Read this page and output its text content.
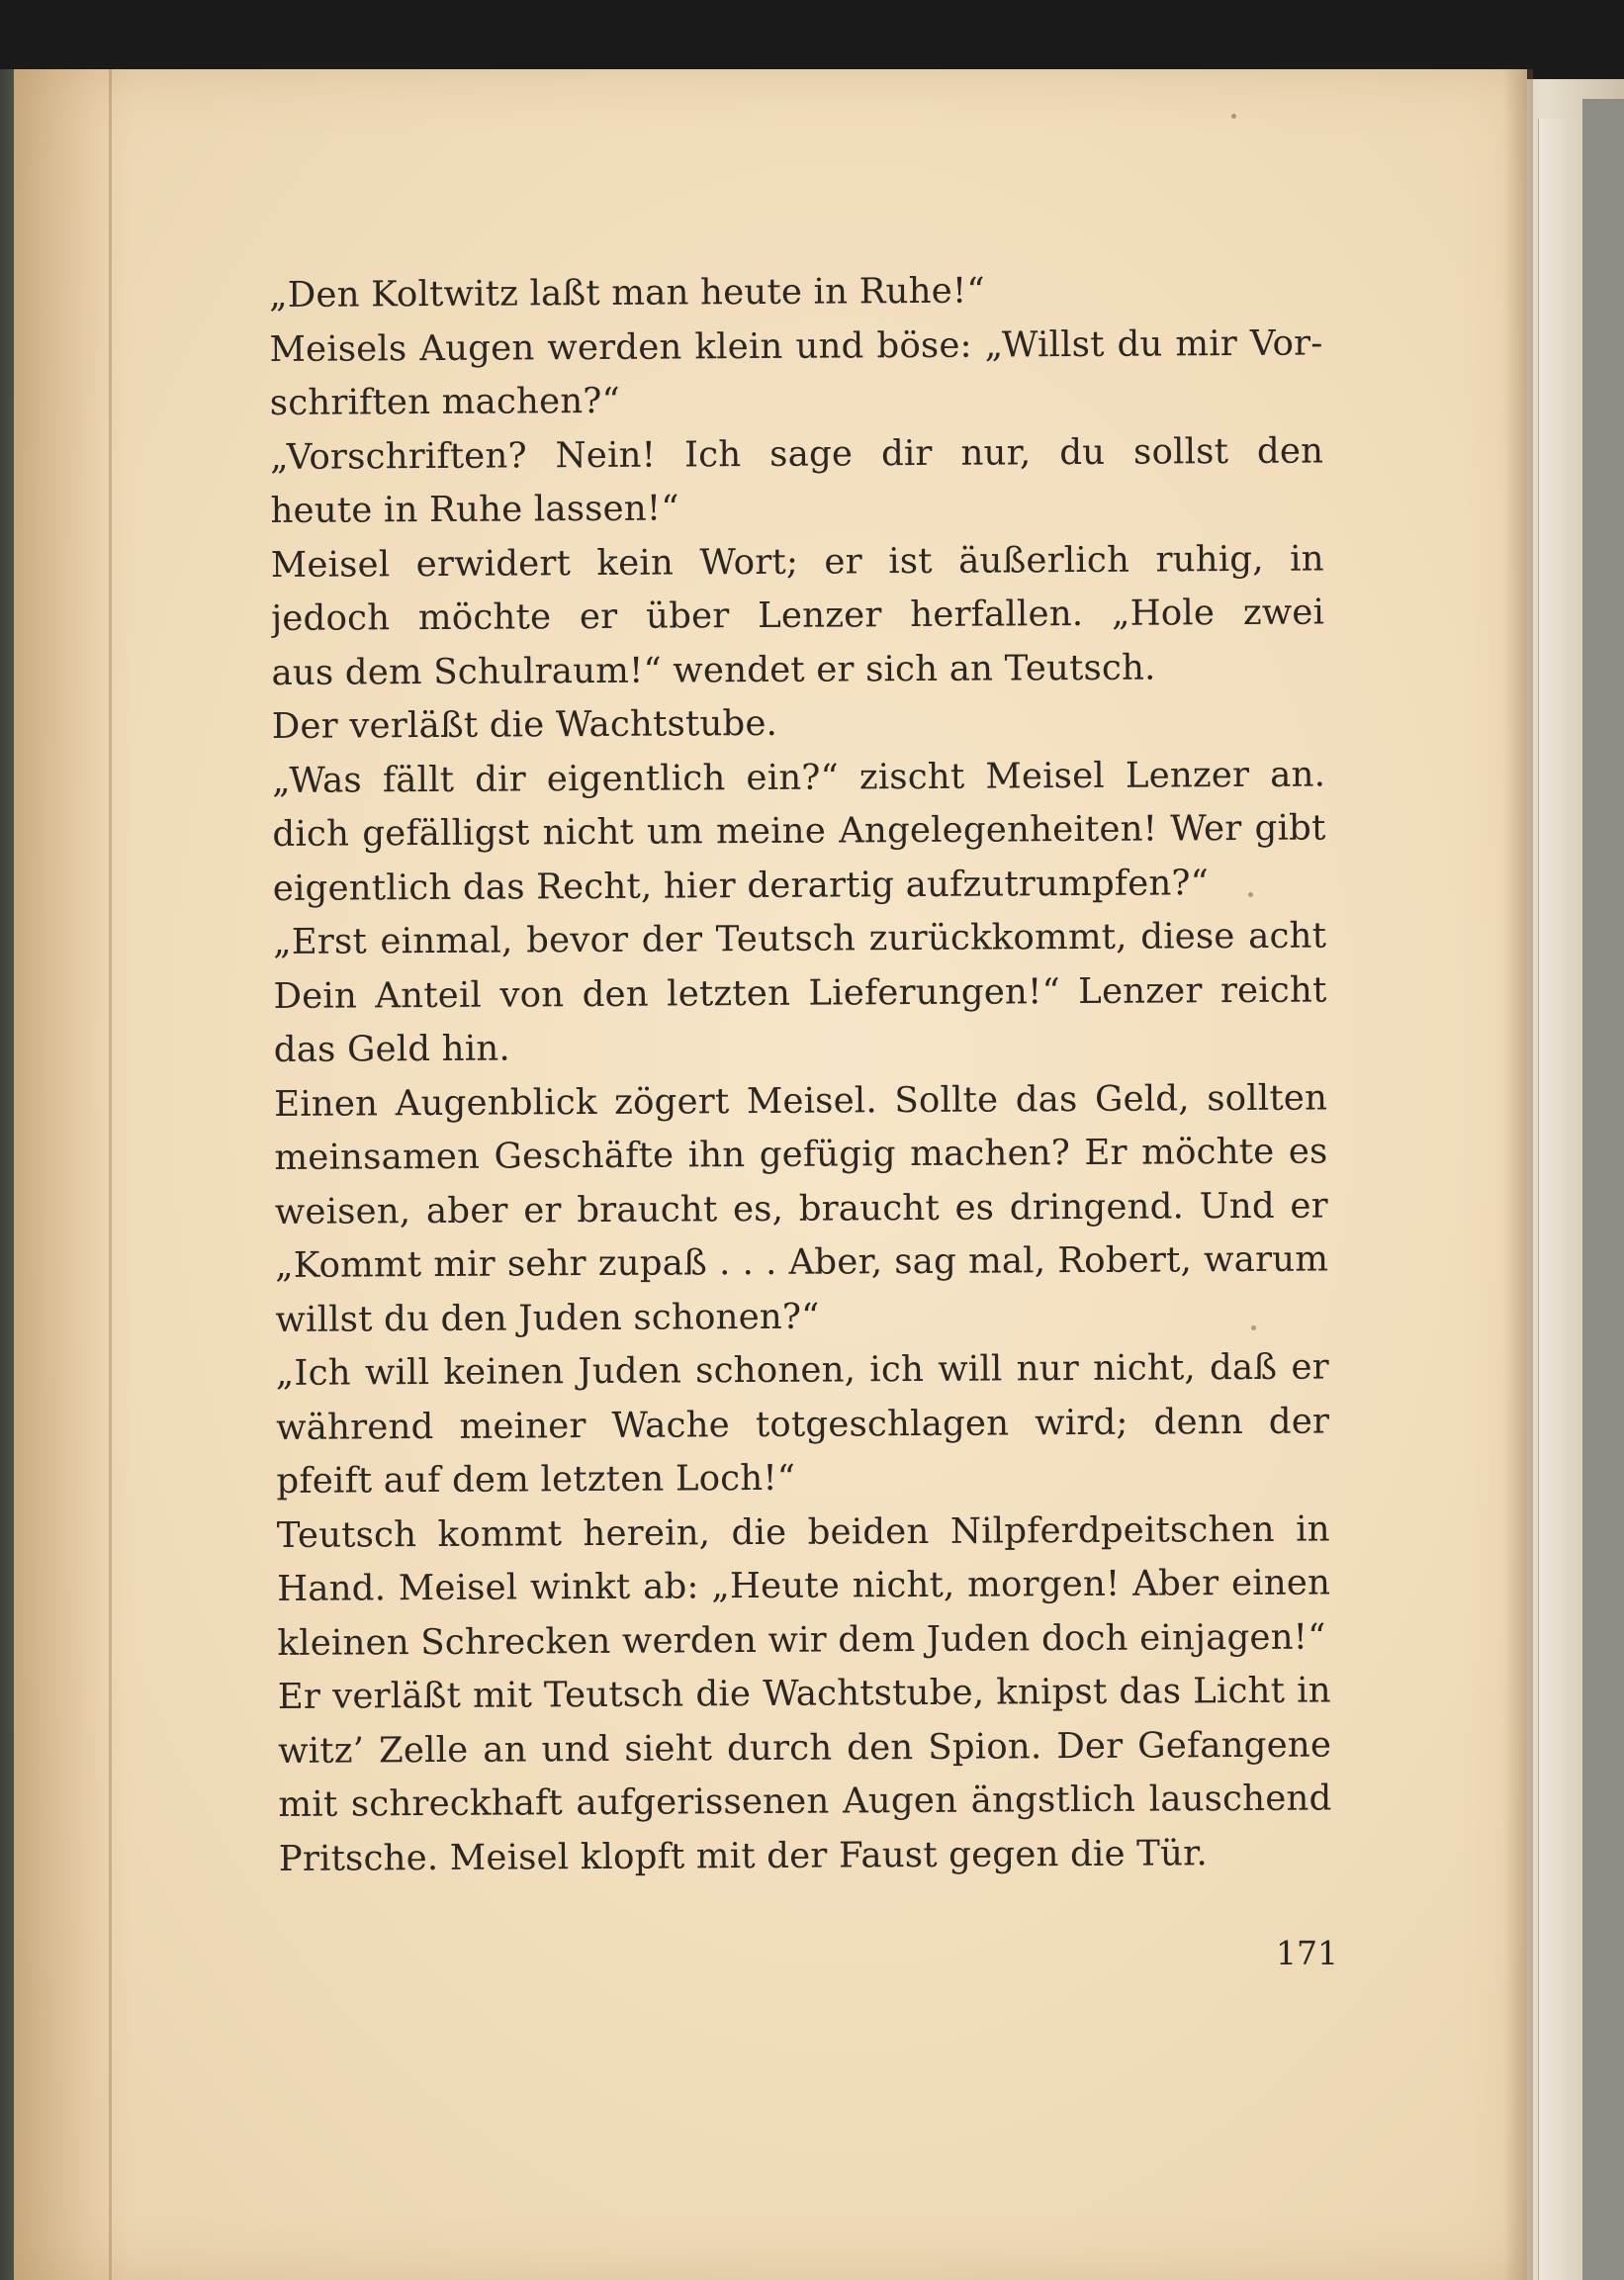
„Den Koltwitz laßt man heute in Ruhe!“
Meisels Augen werden klein und böse: „Willst du mir Vor-
schriften machen?“
„Vorschriften? Nein! Ich sage dir nur, du sollst den
heute in Ruhe lassen!“
Meisel erwidert kein Wort; er ist äußerlich ruhig, in
jedoch möchte er über Lenzer herfallen. „Hole zwei
aus dem Schulraum!“ wendet er sich an Teutsch.
Der verläßt die Wachtstube.
„Was fällt dir eigentlich ein?“ zischt Meisel Lenzer an.
dich gefälligst nicht um meine Angelegenheiten! Wer gibt
eigentlich das Recht, hier derartig aufzutrumpfen?“
„Erst einmal, bevor der Teutsch zurückkommt, diese acht
Dein Anteil von den letzten Lieferungen!“ Lenzer reicht
das Geld hin.
Einen Augenblick zögert Meisel. Sollte das Geld, sollten
meinsamen Geschäfte ihn gefügig machen? Er möchte es
weisen, aber er braucht es, braucht es dringend. Und er
„Kommt mir sehr zupaß . . . Aber, sag mal, Robert, warum
willst du den Juden schonen?“
„Ich will keinen Juden schonen, ich will nur nicht, daß er
während meiner Wache totgeschlagen wird; denn der
pfeift auf dem letzten Loch!“
Teutsch kommt herein, die beiden Nilpferdpeitschen in
Hand. Meisel winkt ab: „Heute nicht, morgen! Aber einen
kleinen Schrecken werden wir dem Juden doch einjagen!“
Er verläßt mit Teutsch die Wachtstube, knipst das Licht in
witz’ Zelle an und sieht durch den Spion. Der Gefangene
mit schreckhaft aufgerissenen Augen ängstlich lauschend
Pritsche. Meisel klopft mit der Faust gegen die Tür.
171
